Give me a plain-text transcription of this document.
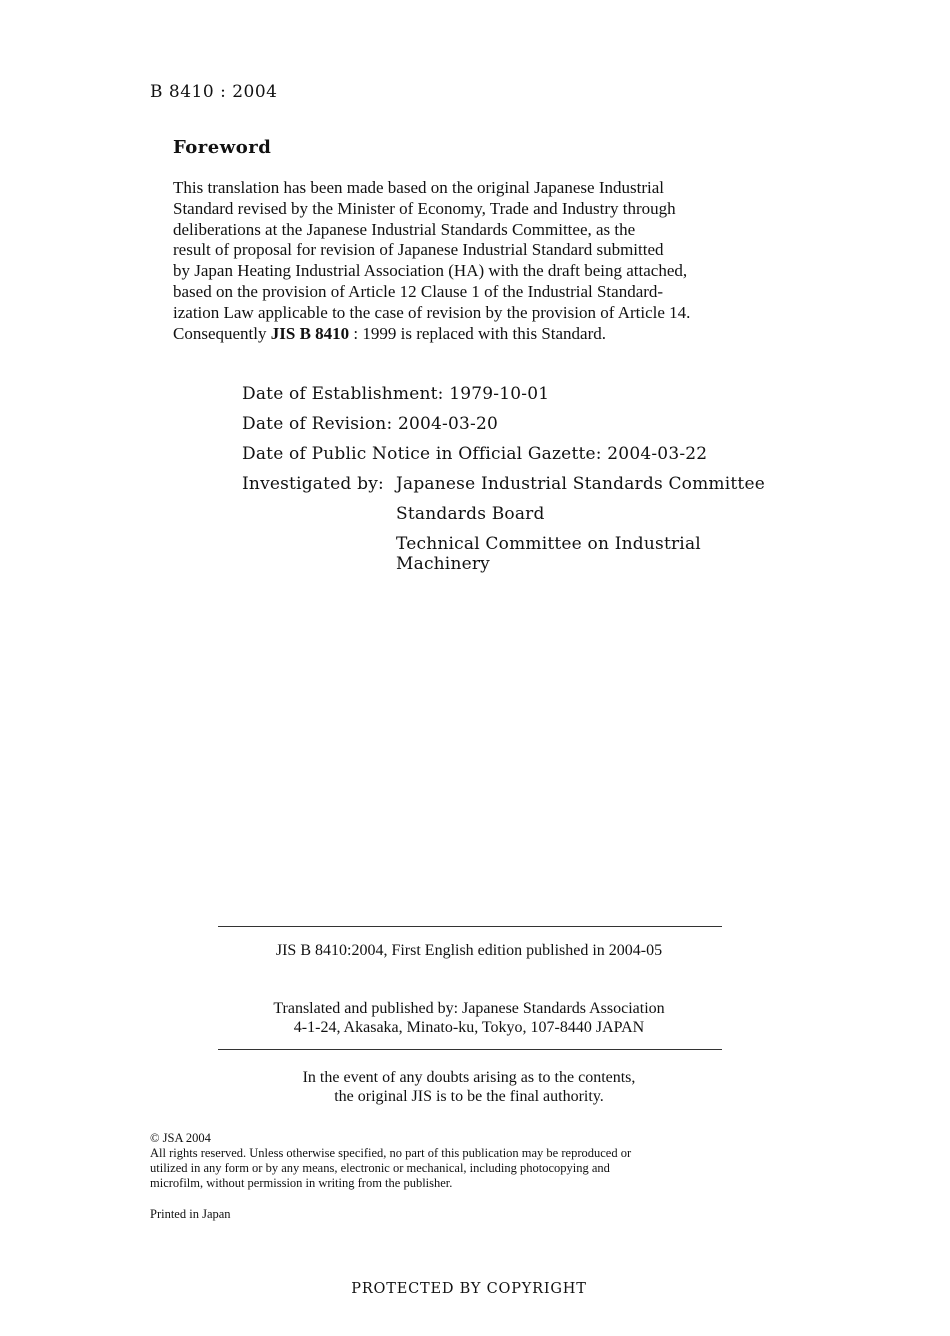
B 8410 : 2004
Foreword
This translation has been made based on the original Japanese Industrial
Standard revised by the Minister of Economy, Trade and Industry through
deliberations at the Japanese Industrial Standards Committee, as the
result of proposal for revision of Japanese Industrial Standard submitted
by Japan Heating Industrial Association (HA) with the draft being attached,
based on the provision of Article 12 Clause 1 of the Industrial Standard-
ization Law applicable to the case of revision by the provision of Article 14.
Consequently JIS B 8410 : 1999 is replaced with this Standard.
Date of Establishment: 1979-10-01
Date of Revision: 2004-03-20
Date of Public Notice in Official Gazette: 2004-03-22
Investigated by: Japanese Industrial Standards Committee
Standards Board
Technical Committee on Industrial
Machinery
JIS B 8410:2004, First English edition published in 2004-05
Translated and published by: Japanese Standards Association
4-1-24, Akasaka, Minato-ku, Tokyo, 107-8440 JAPAN
In the event of any doubts arising as to the contents,
the original JIS is to be the final authority.
© JSA 2004
All rights reserved. Unless otherwise specified, no part of this publication may be reproduced or
utilized in any form or by any means, electronic or mechanical, including photocopying and
microfilm, without permission in writing from the publisher.
Printed in Japan
PROTECTED BY COPYRIGHT
